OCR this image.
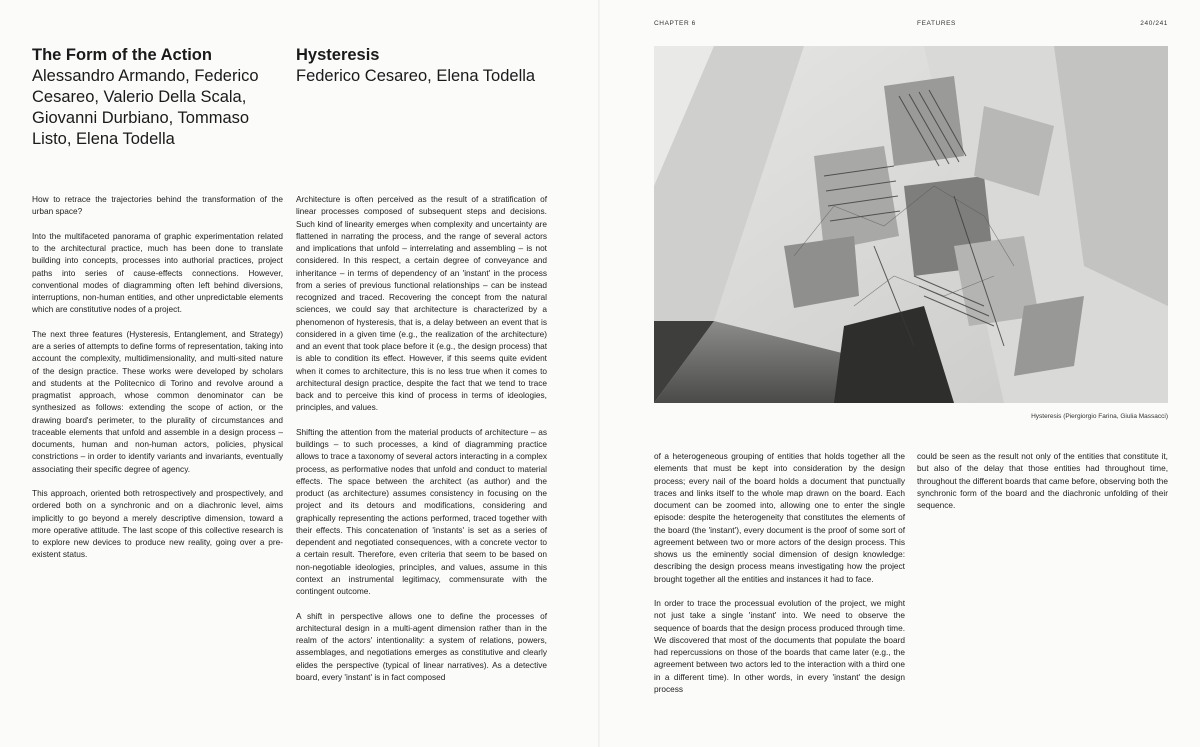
The Form of the Action
Alessandro Armando, Federico Cesareo, Valerio Della Scala, Giovanni Durbiano, Tommaso Listo, Elena Todella
Hysteresis
Federico Cesareo, Elena Todella

How to retrace the trajectories behind the transformation of the urban space?

Into the multifaceted panorama of graphic experimentation related to the architectural practice, much has been done to translate building into concepts, processes into authorial practices, project paths into series of cause-effects connections. However, conventional modes of diagramming often left behind diversions, interruptions, non-human entities, and other unpredictable elements which are constitutive nodes of a project.

The next three features (Hysteresis, Entanglement, and Strategy) are a series of attempts to define forms of representation, taking into account the complexity, multidimensionality, and multi-sited nature of the design practice. These works were developed by scholars and students at the Politecnico di Torino and revolve around a pragmatist approach, whose common denominator can be synthesized as follows: extending the scope of action, or the drawing board's perimeter, to the plurality of circumstances and traceable elements that unfold and assemble in a design process – documents, human and non-human actors, policies, physical constrictions – in order to identify variants and invariants, eventually associating their specific degree of agency.

This approach, oriented both retrospectively and prospectively, and ordered both on a synchronic and on a diachronic level, aims implicitly to go beyond a merely descriptive dimension, toward a more operative attitude. The last scope of this collective research is to explore new devices to produce new reality, going over a pre-existent status.

Architecture is often perceived as the result of a stratification of linear processes composed of subsequent steps and decisions. Such kind of linearity emerges when complexity and uncertainty are flattened in narrating the process, and the range of several actors and implications that unfold – interrelating and assembling – is not considered. In this respect, a certain degree of conveyance and inheritance – in terms of dependency of an 'instant' in the process from a series of previous functional relationships – can be instead recognized and traced. Recovering the concept from the natural sciences, we could say that architecture is characterized by a phenomenon of hysteresis, that is, a delay between an event that is considered in a given time (e.g., the realization of the architecture) and an event that took place before it (e.g., the design process) that is able to condition its effect. However, if this seems quite evident when it comes to architecture, this is no less true when it comes to architectural design practice, despite the fact that we tend to trace back and to perceive this kind of process in terms of ideologies, principles, and values.

Shifting the attention from the material products of architecture – as buildings – to such processes, a kind of diagramming practice allows to trace a taxonomy of several actors interacting in a complex process, as performative nodes that unfold and conduct to material effects. The space between the architect (as author) and the product (as architecture) assumes consistency in focusing on the project and its detours and modifications, considering and graphically representing the actions performed, traced together with their effects. This concatenation of 'instants' is set as a series of dependent and negotiated consequences, with a concrete vector to a certain result. Therefore, even criteria that seem to be based on non-negotiable ideologies, principles, and values, assume in this context an instrumental legitimacy, commensurate with the contingent outcome.

A shift in perspective allows one to define the processes of architectural design in a multi-agent dimension rather than in the realm of the actors' intentionality: a system of relations, powers, assemblages, and negotiations emerges as constitutive and clearly elides the perspective (typical of linear narratives). As a detective board, every 'instant' is in fact composed

CHAPTER 6	FEATURES	240/241
Hysteresis (Piergiorgio Farina, Giulia Massacci)

of a heterogeneous grouping of entities that holds together all the elements that must be kept into consideration by the design process; every nail of the board holds a document that punctually traces and links itself to the whole map drawn on the board. Each document can be zoomed into, allowing one to enter the single episode: despite the heterogeneity that constitutes the elements of the board (the 'instant'), every document is the proof of some sort of agreement between two or more actors of the design process. This shows us the eminently social dimension of design knowledge: describing the design process means investigating how the project brought together all the entities and instances it had to face.

In order to trace the processual evolution of the project, we might not just take a single 'instant' into. We need to observe the sequence of boards that the design process produced through time. We discovered that most of the documents that populate the board had repercussions on those of the boards that came later (e.g., the agreement between two actors led to the interaction with a third one in a different time). In other words, in every 'instant' the design process

could be seen as the result not only of the entities that constitute it, but also of the delay that those entities had throughout time, throughout the different boards that came before, observing both the synchronic form of the board and the diachronic unfolding of their sequence.
